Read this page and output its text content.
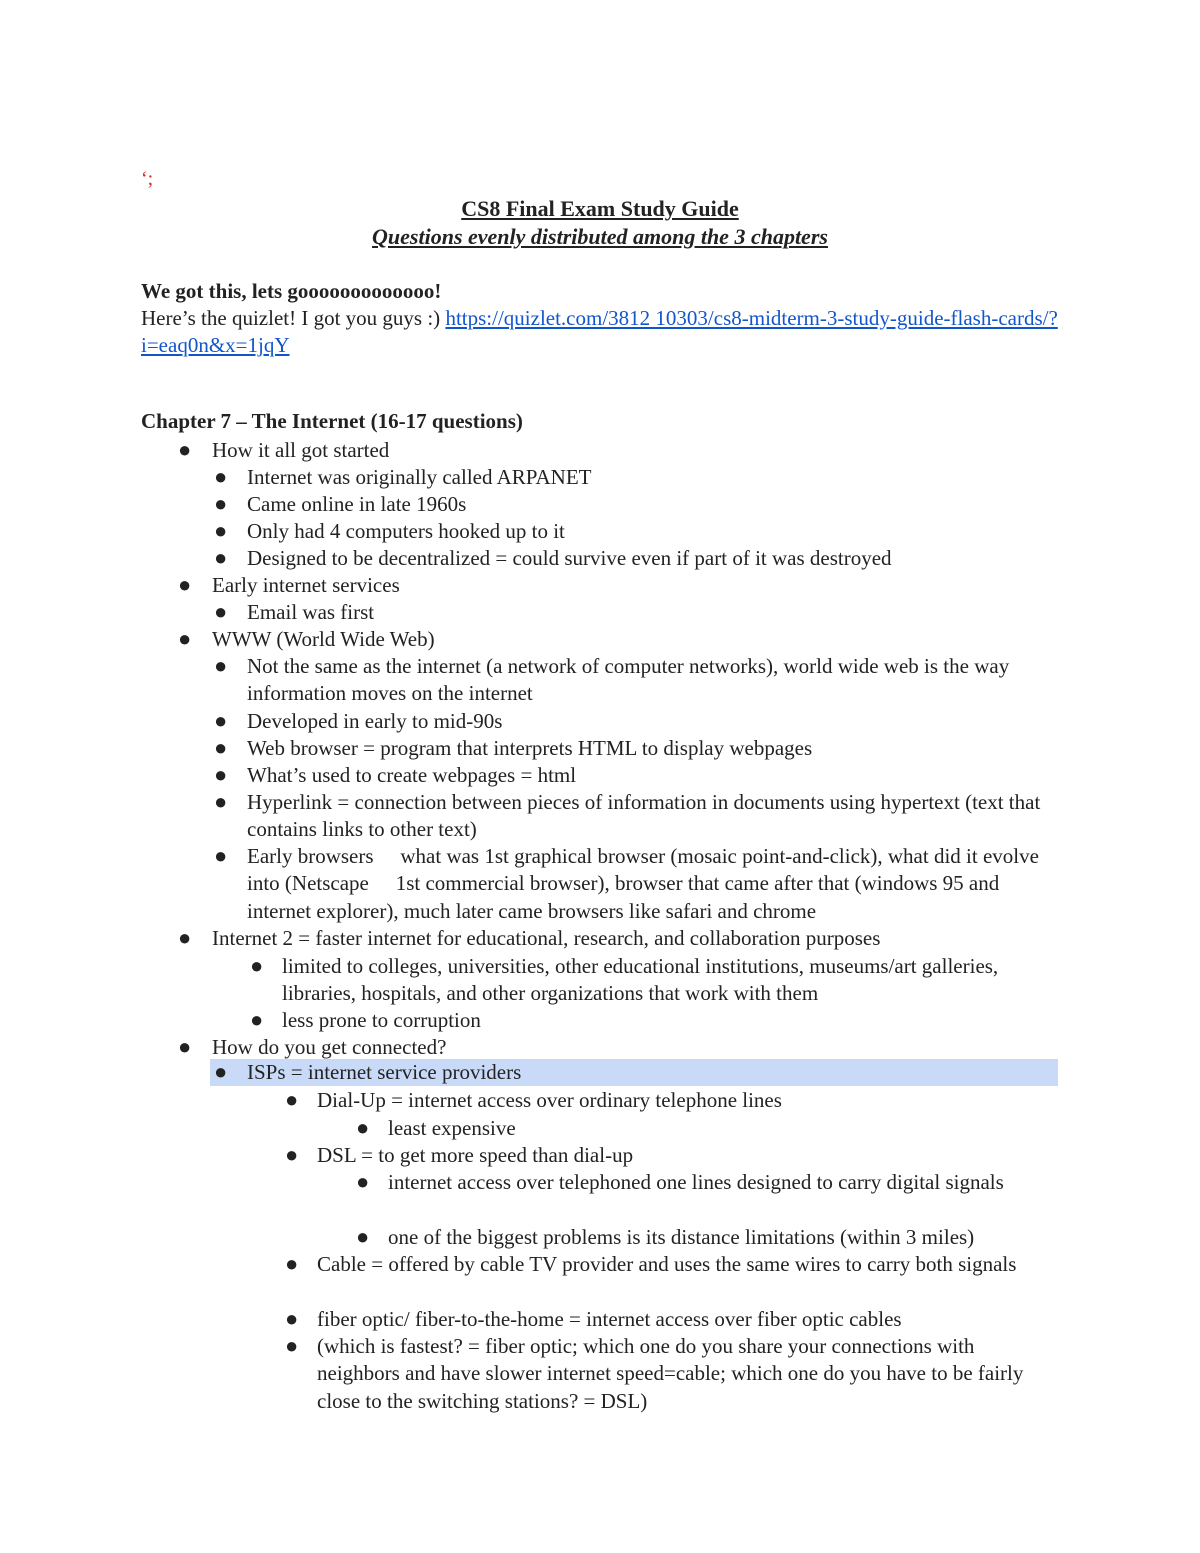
‘;
CS8 Final Exam Study Guide
Questions evenly distributed among the 3 chapters
We got this, lets gooooooooooooo!
Here’s the quizlet! I got you guys :) https://quizlet.com/3812 10303/cs8-midterm-3-study-guide-flash-cards/?i=eaq0n&x=1jqY
Chapter 7 – The Internet (16-17 questions)
● How it all got started
● Internet was originally called ARPANET
● Came online in late 1960s
● Only had 4 computers hooked up to it
● Designed to be decentralized = could survive even if part of it was destroyed
● Early internet services
● Email was first
● WWW (World Wide Web)
● Not the same as the internet (a network of computer networks), world wide web is the way information moves on the internet
● Developed in early to mid-90s
● Web browser = program that interprets HTML to display webpages
● What’s used to create webpages = html
● Hyperlink = connection between pieces of information in documents using hypertext (text that contains links to other text)
● Early browsers   what was 1st graphical browser (mosaic point-and-click), what did it evolve into (Netscape   1st commercial browser), browser that came after that (windows 95 and internet explorer), much later came browsers like safari and chrome
● Internet 2 = faster internet for educational, research, and collaboration purposes
● limited to colleges, universities, other educational institutions, museums/art galleries, libraries, hospitals, and other organizations that work with them
● less prone to corruption
● How do you get connected?
● ISPs = internet service providers
● Dial-Up = internet access over ordinary telephone lines
● least expensive
● DSL = to get more speed than dial-up
● internet access over telephoned one lines designed to carry digital signals  
● one of the biggest problems is its distance limitations (within 3 miles)
● Cable = offered by cable TV provider and uses the same wires to carry both signals
● fiber optic/ fiber-to-the-home = internet access over fiber optic cables
● (which is fastest? = fiber optic; which one do you share your connections with neighbors and have slower internet speed=cable; which one do you have to be fairly close to the switching stations? = DSL)
